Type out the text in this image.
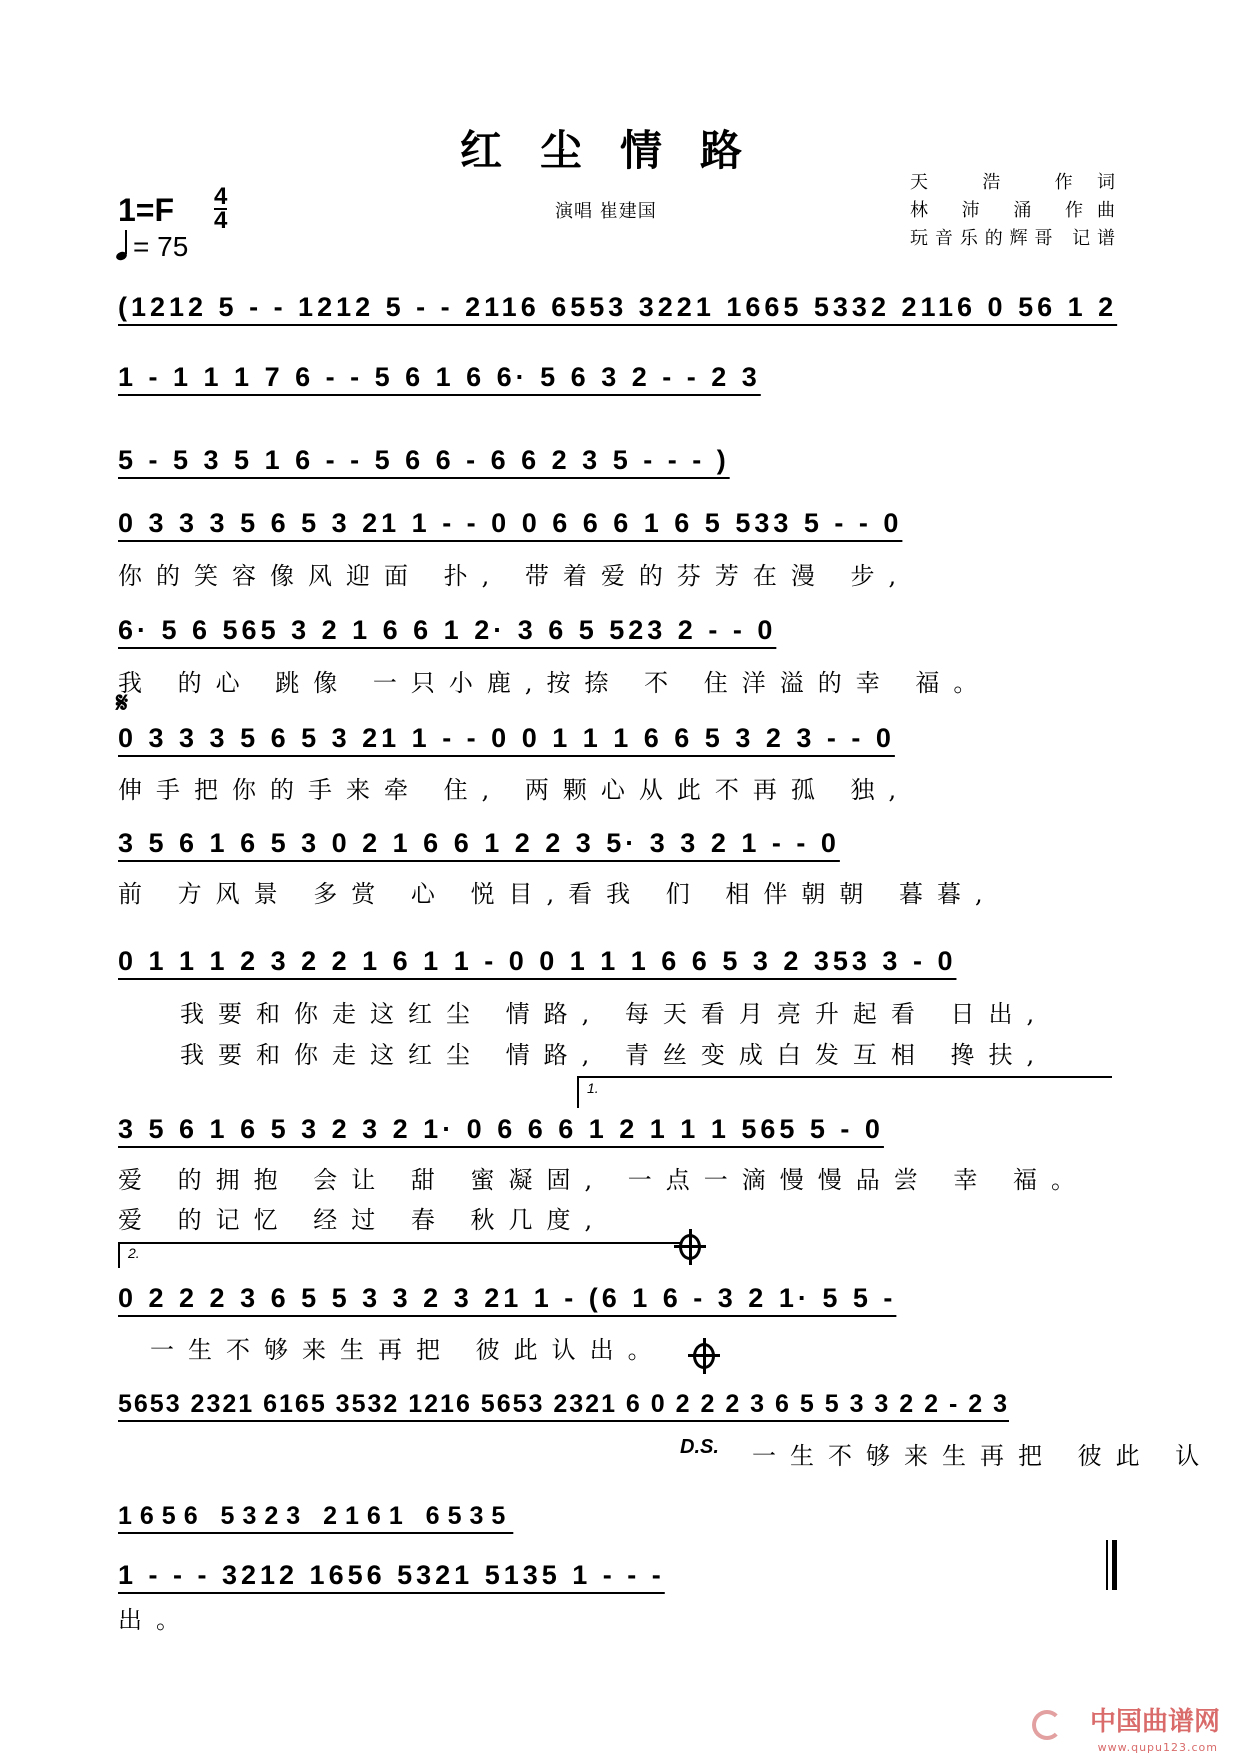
红尘情路
1=F 4
4
= 75
演唱 崔建国
天 浩 作词
林 沛 涌 作曲
玩音乐的辉哥 记谱
(1212 5 - - 1212 5 - - 2116 6553 3221 1665 5332 2116 0 56 1 2
1 - 1 1 1 7 6 - - 5 6 1 6 6· 5 6 3 2 - - 2 3
5 - 5 3 5 1 6 - - 5 6 6 - 6 6 2 3 5 - - - )
0 3 3 3 5 6 5 3 21 1 - - 0 0 6 6 6 1 6 5 533 5 - - 0
你的笑容像风迎面 扑, 带着爱的芬芳在漫 步,
6· 5 6 565 3 2 1 6 6 1 2· 3 6 5 523 2 - - 0
我 的心 跳像 一只小鹿,按捺 不 住洋溢的幸 福。
𝄋
0 3 3 3 5 6 5 3 21 1 - - 0 0 1 1 1 6 6 5 3 2 3 - - 0
伸手把你的手来牵 住, 两颗心从此不再孤 独,
3 5 6 1 6 5 3 0 2 1 6 6 1 2 2 3 5· 3 3 2 1 - - 0
前 方风景 多赏 心 悦目,看我 们 相伴朝朝 暮暮,
0 1 1 1 2 3 2 2 1 6 1 1 - 0 0 1 1 1 6 6 5 3 2 353 3 - 0
我要和你走这红尘 情路, 每天看月亮升起看 日出,
我要和你走这红尘 情路, 青丝变成白发互相 搀扶,
1.
3 5 6 1 6 5 3 2 3 2 1· 0 6 6 6 1 2 1 1 1 565 5 - 0
爱 的拥抱 会让 甜 蜜凝固, 一点一滴慢慢品尝 幸 福。
爱 的记忆 经过 春 秋几度,
2.
0 2 2 2 3 6 5 5 3 3 2 3 21 1 - (6 1 6 - 3 2 1· 5 5 -
一生不够来生再把 彼此认出。
5653 2321 6165 3532 1216 5653 2321 6 0 2 2 2 3 6 5 5 3 3 2 2 - 2 3
D.S. 一生不够来生再把 彼此 认
1656 5323 2161 6535
1 - - - 3212 1656 5321 5135 1 - - -
出。
中国曲谱网
www.qupu123.com
